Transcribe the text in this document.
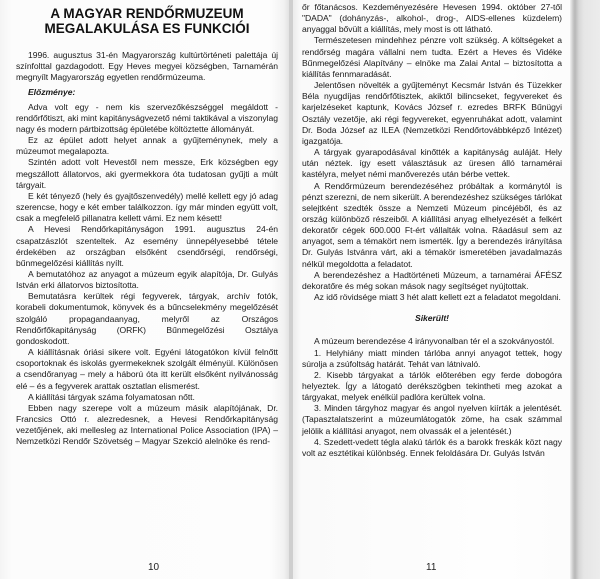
A MAGYAR RENDŐRMUZEUM
MEGALAKULÁSA ES FUNKCIÓI

1996. augusztus 31-én Magyarország kultúrtörténeti palettája új színfolttal gazdagodott. Egy Heves megyei községben, Tarnamérán megnyílt Magyarország egyetlen rendőrmúzeuma.

Előzménye:

Adva volt egy - nem kis szervezőkészséggel megáldott - rendőrfőtiszt, aki mint kapitányságvezető némi taktikával a viszonylag nagy és modern pártbizottság épületébe költöztette állományát.

Ez az épület adott helyet annak a gyűjteménynek, mely a múzeumot megalapozta.

Szintén adott volt Hevestől nem messze, Erk községben egy megszállott állatorvos, aki gyermekkora óta tudatosan gyűjti a múlt tárgyait.

E két tényező (hely és gyajtőszenvedély) mellé kellett egy jó adag szerencse, hogy e két ember találkozzon. így már minden együtt volt, csak a megfelelő pillanatra kellett vámi. Ez nem késett!

A Hevesi Rendőrkapitányságon 1991. augusztus 24-én csapatzászlót szenteltek. Az esemény ünnepélyesebbé tétele érdekében az országban elsőként csendőrségi, rendőrségi, bűnmegelőzési kiállítás nyílt.

A bemutatóhoz az anyagot a múzeum egyik alapítója, Dr. Gulyás István erki állatorvos biztosította.

Bemutatásra kerültek régi fegyverek, tárgyak, archív fotók, korabeli dokumentumok, könyvek és a bűncselekmény megelőzését szolgáló propagandaanyag, melyről az Országos Rendőrfőkapitányság (ORFK) Bűnmegelőzési Osztálya gondoskodott.

A kiállításnak óriási sikere volt. Egyéni látogatókon kívül felnőtt csoportoknak és iskolás gyermekeknek szolgált élményül. Különösen a csendőranyag – mely a háború óta itt került elsőként nyilvánosság elé – és a fegyverek arattak osztatlan elismerést.

A kiállítási tárgyak száma folyamatosan nőtt.

Ebben nagy szerepe volt a múzeum másik alapítójának, Dr. Francsics Ottó r. alezredesnek, a Hevesi Rendőrkapitányság vezetőjének, aki mellesleg az International Police Association (IPA) – Nemzetközi Rendőr Szövetség – Magyar Szekció alelnöke és rend-

őr főtanácsos. Kezdeményezésére Hevesen 1994. október 27-től "DADA" (dohányzás-, alkohol-, drog-, AIDS-ellenes küzdelem) anyaggal bővült a kiállítás, mely most is ott látható.

Természetesen mindehhez pénzre volt szükség. A költségeket a rendőrség magára vállalni nem tudta. Ezért a Heves és Vidéke Bűnmegelőzési Alapítvány – elnöke ma Zalai Antal – biztosította a kiállítás fennmaradását.

Jelentősen növelték a gyűjteményt Kecsmár István és Tüzekker Béla nyugdíjas rendőrfőtisztek, akiktől bilincseket, fegyvereket és karjelzéseket kaptunk, Kovács József r. ezredes BRFK Bűnügyi Osztály vezetője, aki régi fegyvereket, egyenruhákat adott, valamint Dr. Boda József az ILEA (Nemzetközi Rendőrtovábbképző Intézet) igazgatója.

A tárgyak gyarapodásával kinőtték a kapitányság auláját. Hely után néztek. így esett választásuk az üresen álló tarnamérai kastélyra, melyet némi manőverezés után bérbe vettek.

A Rendőrmúzeum berendezéséhez próbáltak a kormánytól is pénzt szerezni, de nem sikerült. A berendezéshez szükséges tárlókat selejtként szedték össze a Nemzeti Múzeum pincéjéből, és az ország különböző részeiből. A kiállítási anyag elhelyezését a felkért dekoratőr cégek 600.000 Ft-ért vállalták volna. Ráadásul sem az anyagot, sem a témakört nem ismerték. Így a berendezés irányítása Dr. Gulyás Istvánra várt, aki a témakör ismeretében javadalmazás nélkül megoldotta a feladatot.

A berendezéshez a Hadtörténeti Múzeum, a tarnamérai ÁFÉSZ dekoratőre és még sokan mások nagy segítséget nyújtottak.

Az idő rövidsége miatt 3 hét alatt kellett ezt a feladatot megoldani.

Sikerült!

A múzeum berendezése 4 irányvonalban tér el a szokványostól.

1. Helyhiány miatt minden tárlóba annyi anyagot tettek, hogy súrolja a zsúfoltság határát. Tehát van látnivaló.

2. Kisebb tárgyakat a tárlók előterében egy ferde dobogóra helyeztek. Így a látogató derékszögben tekintheti meg azokat a tárgyakat, melyek enélkül padlóra kerültek volna.

3. Minden tárgyhoz magyar és angol nyelven kiírták a jelentését. (Tapasztalatszerint a múzeumlátogatók zöme, ha csak számmal jelölik a kiállítási anyagot, nem olvassák el a jelentését.)

4. Szedett-vedett tégla alakú tárlók és a barokk freskák közt nagy volt az esztétikai különbség. Ennek feloldására Dr. Gulyás István

10	11
